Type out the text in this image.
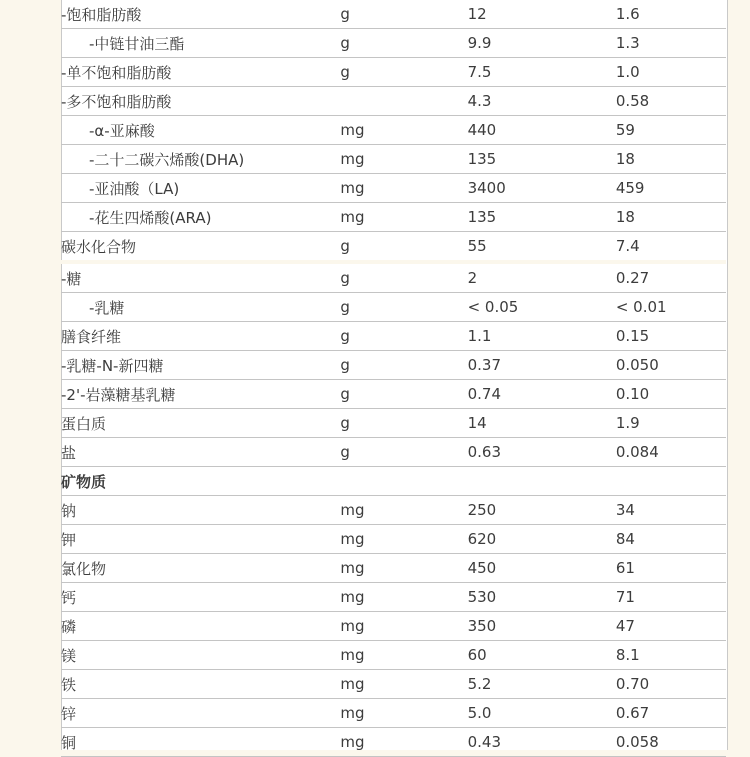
-饱和脂肪酸	g	12	1.6
-中链甘油三酯	g	9.9	1.3
-单不饱和脂肪酸	g	7.5	1.0
-多不饱和脂肪酸		4.3	0.58
-α-亚麻酸	mg	440	59
-二十二碳六烯酸(DHA)	mg	135	18
-亚油酸（LA)	mg	3400	459
-花生四烯酸(ARA)	mg	135	18
碳水化合物	g	55	7.4
-糖	g	2	0.27
-乳糖	g	< 0.05	< 0.01
膳食纤维	g	1.1	0.15
-乳糖-N-新四糖	g	0.37	0.050
-2'-岩藻糖基乳糖	g	0.74	0.10
蛋白质	g	14	1.9
盐	g	0.63	0.084
矿物质			
钠	mg	250	34
钾	mg	620	84
氯化物	mg	450	61
钙	mg	530	71
磷	mg	350	47
镁	mg	60	8.1
铁	mg	5.2	0.70
锌	mg	5.0	0.67
铜	mg	0.43	0.058
